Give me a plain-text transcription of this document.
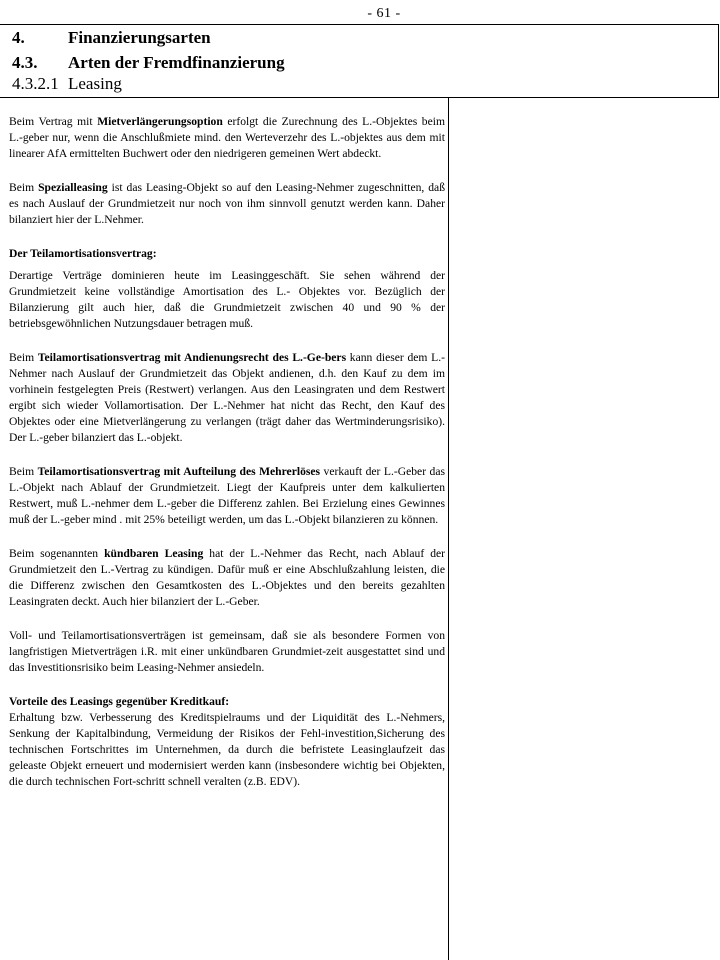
- 61 -
4.	Finanzierungsarten
4.3. Arten der Fremdfinanzierung
4.3.2.1 Leasing

Beim Vertrag mit Mietverlängerungsoption erfolgt die Zurechnung des L.-Objektes beim L.-geber nur, wenn die Anschlußmiete mind. den Werteverzehr des L.-objektes aus dem mit linearer AfA ermittelten Buchwert oder den niedrigeren gemeinen Wert abdeckt.

Beim Spezialleasing ist das Leasing-Objekt so auf den Leasing-Nehmer zugeschnitten, daß es nach Auslauf der Grundmietzeit nur noch von ihm sinnvoll genutzt werden kann. Daher bilanziert hier der L.Nehmer.

Der Teilamortisationsvertrag:

Derartige Verträge dominieren heute im Leasinggeschäft. Sie sehen während der Grundmietzeit keine vollständige Amortisation des L.- Objektes vor. Bezüglich der Bilanzierung gilt auch hier, daß die Grundmietzeit zwischen 40 und 90 % der betriebsgewöhnlichen Nutzungsdauer betragen muß.

Beim Teilamortisationsvertrag mit Andienungsrecht des L.-Ge-bers kann dieser dem L.-Nehmer nach Auslauf der Grundmietzeit das Objekt andienen, d.h. den Kauf zu dem im vorhinein festgelegten Preis (Restwert) verlangen. Aus den Leasingraten und dem Restwert ergibt sich wieder Vollamortisation. Der L.-Nehmer hat nicht das Recht, den Kauf des Objektes oder eine Mietverlängerung zu verlangen (trägt daher das Wertminderungsrisiko). Der L.-geber bilanziert das L.-objekt.

Beim Teilamortisationsvertrag mit Aufteilung des Mehrerlöses verkauft der L.-Geber das L.-Objekt nach Ablauf der Grundmietzeit. Liegt der Kaufpreis unter dem kalkulierten Restwert, muß L.-nehmer dem L.-geber die Differenz zahlen. Bei Erzielung eines Gewinnes muß der L.-geber mind . mit 25% beteiligt werden, um das L.-Objekt bilanzieren zu können.

Beim sogenannten kündbaren Leasing hat der L.-Nehmer das Recht, nach Ablauf der Grundmietzeit den L.-Vertrag zu kündigen. Dafür muß er eine Abschlußzahlung leisten, die die Differenz zwischen den Gesamtkosten des L.-Objektes und den bereits gezahlten Leasingraten deckt. Auch hier bilanziert der L.-Geber.

Voll- und Teilamortisationsverträgen ist gemeinsam, daß sie als besondere Formen von langfristigen Mietverträgen i.R. mit einer unkündbaren Grundmiet-zeit ausgestattet sind und das Investitionsrisiko beim Leasing-Nehmer ansiedeln.

Vorteile des Leasings gegenüber Kreditkauf:

Erhaltung bzw. Verbesserung des Kreditspielraums und der Liquidität des L.-Nehmers, Senkung der Kapitalbindung, Vermeidung der Risikos der Fehl-investition,Sicherung des technischen Fortschrittes im Unternehmen, da durch die befristete Leasinglaufzeit das geleaste Objekt erneuert und modernisiert werden kann (insbesondere wichtig bei Objekten, die durch technischen Fort-schritt schnell veralten (z.B. EDV).
